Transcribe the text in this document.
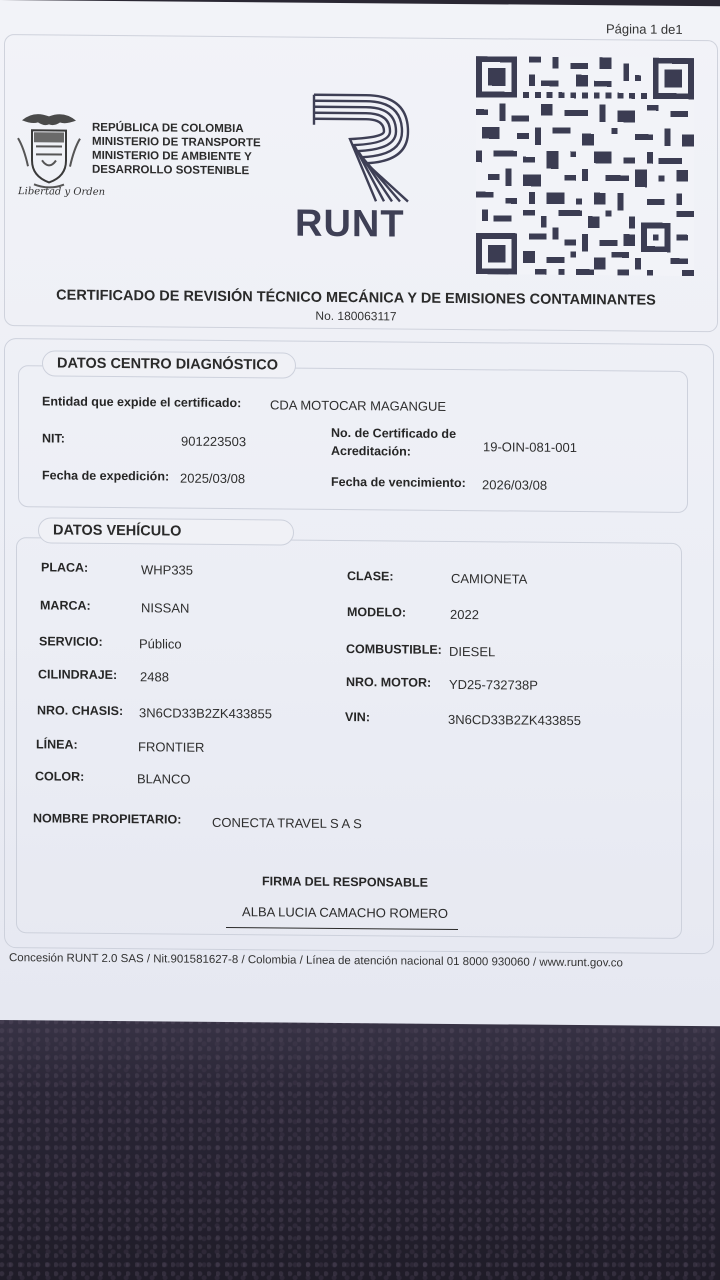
Página 1 de1
REPÚBLICA DE COLOMBIA
MINISTERIO DE TRANSPORTE
MINISTERIO DE AMBIENTE Y
DESARROLLO SOSTENIBLE
Libertad y Orden
RUNT
CERTIFICADO DE REVISIÓN TÉCNICO MECÁNICA Y DE EMISIONES CONTAMINANTES
No. 180063117
DATOS CENTRO DIAGNÓSTICO
Entidad que expide el certificado: CDA MOTOCAR MAGANGUE
NIT:	901223503
No. de Certificado de
Acreditación:	19-OIN-081-001
Fecha de expedición: 2025/03/08	Fecha de vencimiento: 2026/03/08
DATOS VEHÍCULO
PLACA:	WHP335	CLASE:	CAMIONETA
MARCA:	NISSAN	MODELO:	2022
SERVICIO:	Público	COMBUSTIBLE: DIESEL
CILINDRAJE: 2488	NRO. MOTOR: YD25-732738P
NRO. CHASIS: 3N6CD33B2ZK433855	VIN:	3N6CD33B2ZK433855
LÍNEA:	FRONTIER
COLOR:	BLANCO
NOMBRE PROPIETARIO: CONECTA TRAVEL S A S
FIRMA DEL RESPONSABLE
ALBA LUCIA CAMACHO ROMERO
Concesión RUNT 2.0 SAS / Nit.901581627-8 / Colombia / Línea de atención nacional 01 8000 930060 / www.runt.gov.co
